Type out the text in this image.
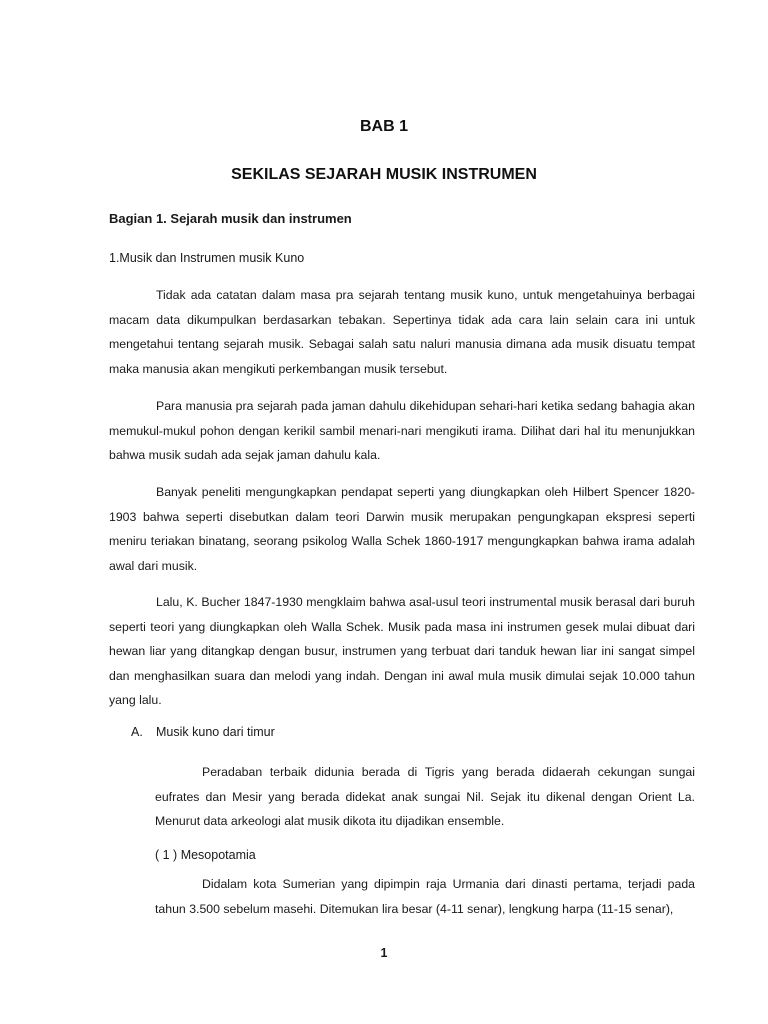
BAB 1
SEKILAS SEJARAH MUSIK INSTRUMEN
Bagian 1. Sejarah musik dan instrumen
1.Musik dan Instrumen musik Kuno

Tidak ada catatan dalam masa pra sejarah tentang musik kuno, untuk mengetahuinya berbagai macam data dikumpulkan berdasarkan tebakan. Sepertinya tidak ada cara lain selain cara ini untuk mengetahui tentang sejarah musik. Sebagai salah satu naluri manusia dimana ada musik disuatu tempat maka manusia akan mengikuti perkembangan musik tersebut.

Para manusia pra sejarah pada jaman dahulu dikehidupan sehari-hari ketika sedang bahagia akan memukul-mukul pohon dengan kerikil sambil menari-nari mengikuti irama. Dilihat dari hal itu menunjukkan bahwa musik sudah ada sejak jaman dahulu kala.

Banyak peneliti mengungkapkan pendapat seperti yang diungkapkan oleh Hilbert Spencer 1820-1903 bahwa seperti disebutkan dalam teori Darwin musik merupakan pengungkapan ekspresi seperti meniru teriakan binatang, seorang psikolog Walla Schek 1860-1917 mengungkapkan bahwa irama adalah awal dari musik.

Lalu, K. Bucher 1847-1930 mengklaim bahwa asal-usul teori instrumental musik berasal dari buruh seperti teori yang diungkapkan oleh Walla Schek. Musik pada masa ini instrumen gesek mulai dibuat dari hewan liar yang ditangkap dengan busur, instrumen yang terbuat dari tanduk hewan liar ini sangat simpel dan menghasilkan suara dan melodi yang indah. Dengan ini awal mula musik dimulai sejak 10.000 tahun yang lalu.

A. Musik kuno dari timur

Peradaban terbaik didunia berada di Tigris yang berada didaerah cekungan sungai eufrates dan Mesir yang berada didekat anak sungai Nil. Sejak itu dikenal dengan Orient La. Menurut data arkeologi alat musik dikota itu dijadikan ensemble.

( 1 ) Mesopotamia

Didalam kota Sumerian yang dipimpin raja Urmania dari dinasti pertama, terjadi pada tahun 3.500 sebelum masehi. Ditemukan lira besar (4-11 senar), lengkung harpa (11-15 senar),

1
